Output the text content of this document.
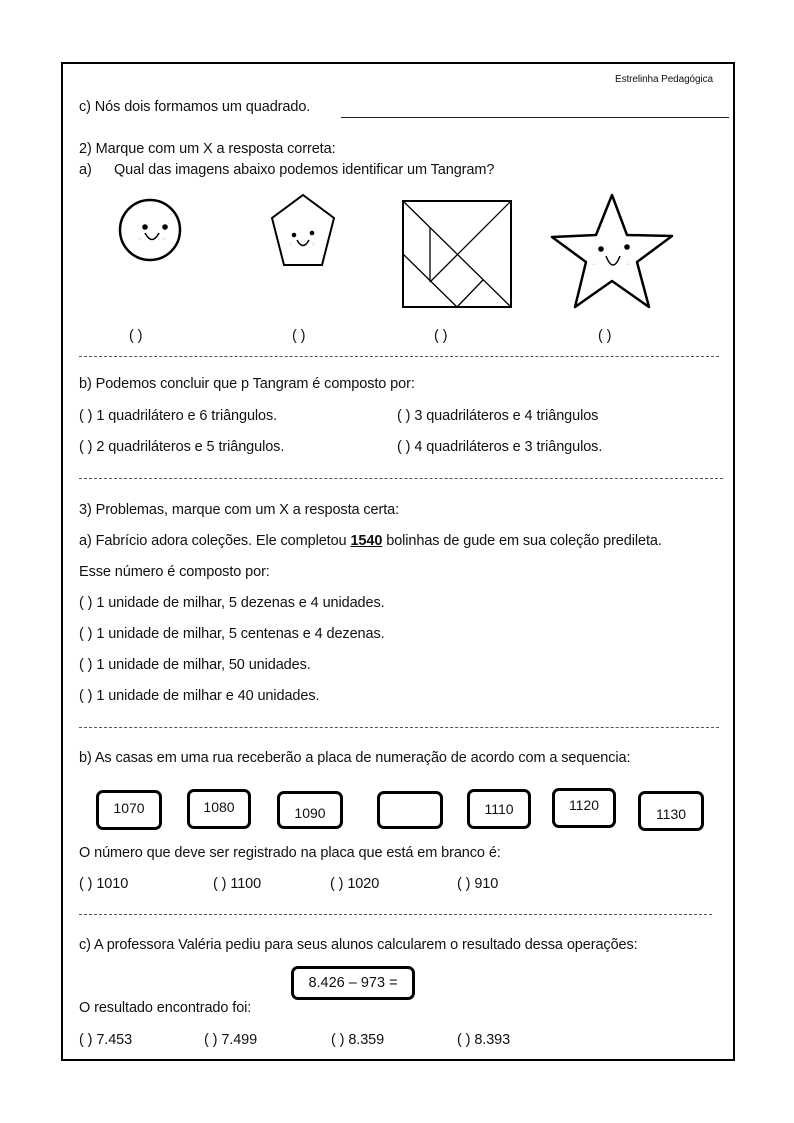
Estrelinha Pedagógica
c) Nós dois formamos um quadrado.
2) Marque com um X a resposta correta:
a) Qual das imagens abaixo podemos identificar um Tangram?
∴	∴
∴	∴
∴	∴
( )	( )	( )	( )
b) Podemos concluir que p Tangram é composto por:
( ) 1 quadrilátero e 6 triângulos.	( ) 3 quadriláteros e 4 triângulos
( ) 2 quadriláteros e 5 triângulos.	( ) 4 quadriláteros e 3 triângulos.
3) Problemas, marque com um X a resposta certa:
a) Fabrício adora coleções. Ele completou 1540 bolinhas de gude em sua coleção predileta.
Esse número é composto por:
( ) 1 unidade de milhar, 5 dezenas e 4 unidades.
( ) 1 unidade de milhar, 5 centenas e 4 dezenas.
( ) 1 unidade de milhar, 50 unidades.
( ) 1 unidade de milhar e 40 unidades.
b) As casas em uma rua receberão a placa de numeração de acordo com a sequencia:
1070	1080	1090	1110	1120
1130
O número que deve ser registrado na placa que está em branco é:
( ) 1010	( ) 1100	( ) 1020	( ) 910
c) A professora Valéria pediu para seus alunos calcularem o resultado dessa operações:
8.426 – 973 =
O resultado encontrado foi:
( ) 7.453	( ) 7.499	( ) 8.359	( ) 8.393
